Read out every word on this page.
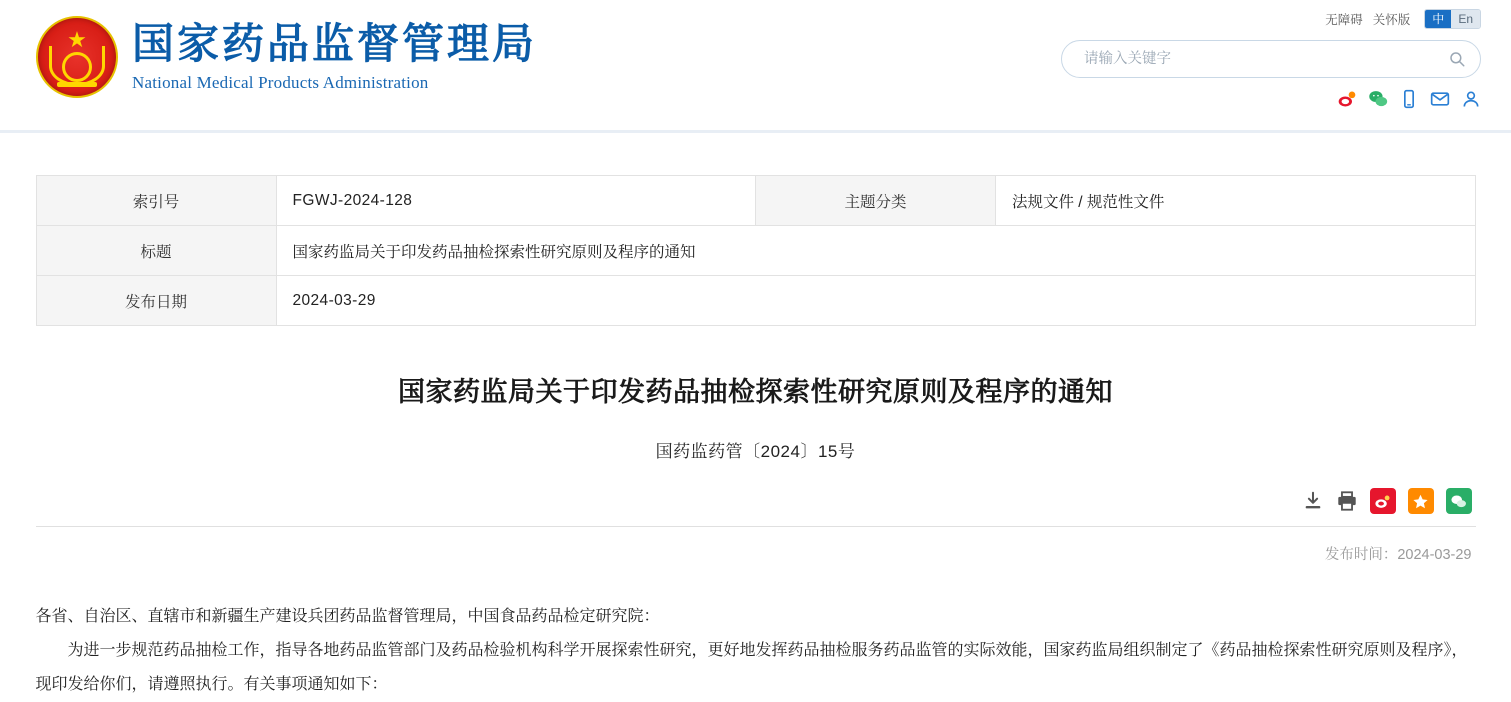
★ 国家药品监督管理局
National Medical Products Administration
无障碍 关怀版	中	En
请输入关键字
索引号	FGWJ-2024-128	主题分类	法规文件 / 规范性文件
标题	国家药监局关于印发药品抽检探索性研究原则及程序的通知		
发布日期	2024-03-29		
国家药监局关于印发药品抽检探索性研究原则及程序的通知
国药监药管〔2024〕15号
发布时间：2024-03-29

各省、自治区、直辖市和新疆生产建设兵团药品监督管理局，中国食品药品检定研究院：

为进一步规范药品抽检工作，指导各地药品监管部门及药品检验机构科学开展探索性研究，更好地发挥药品抽检服务药品监管的实际效能，国家药监局组织制定了《药品抽检探索性研究原则及程序》，现印发给你们，请遵照执行。有关事项通知如下：
